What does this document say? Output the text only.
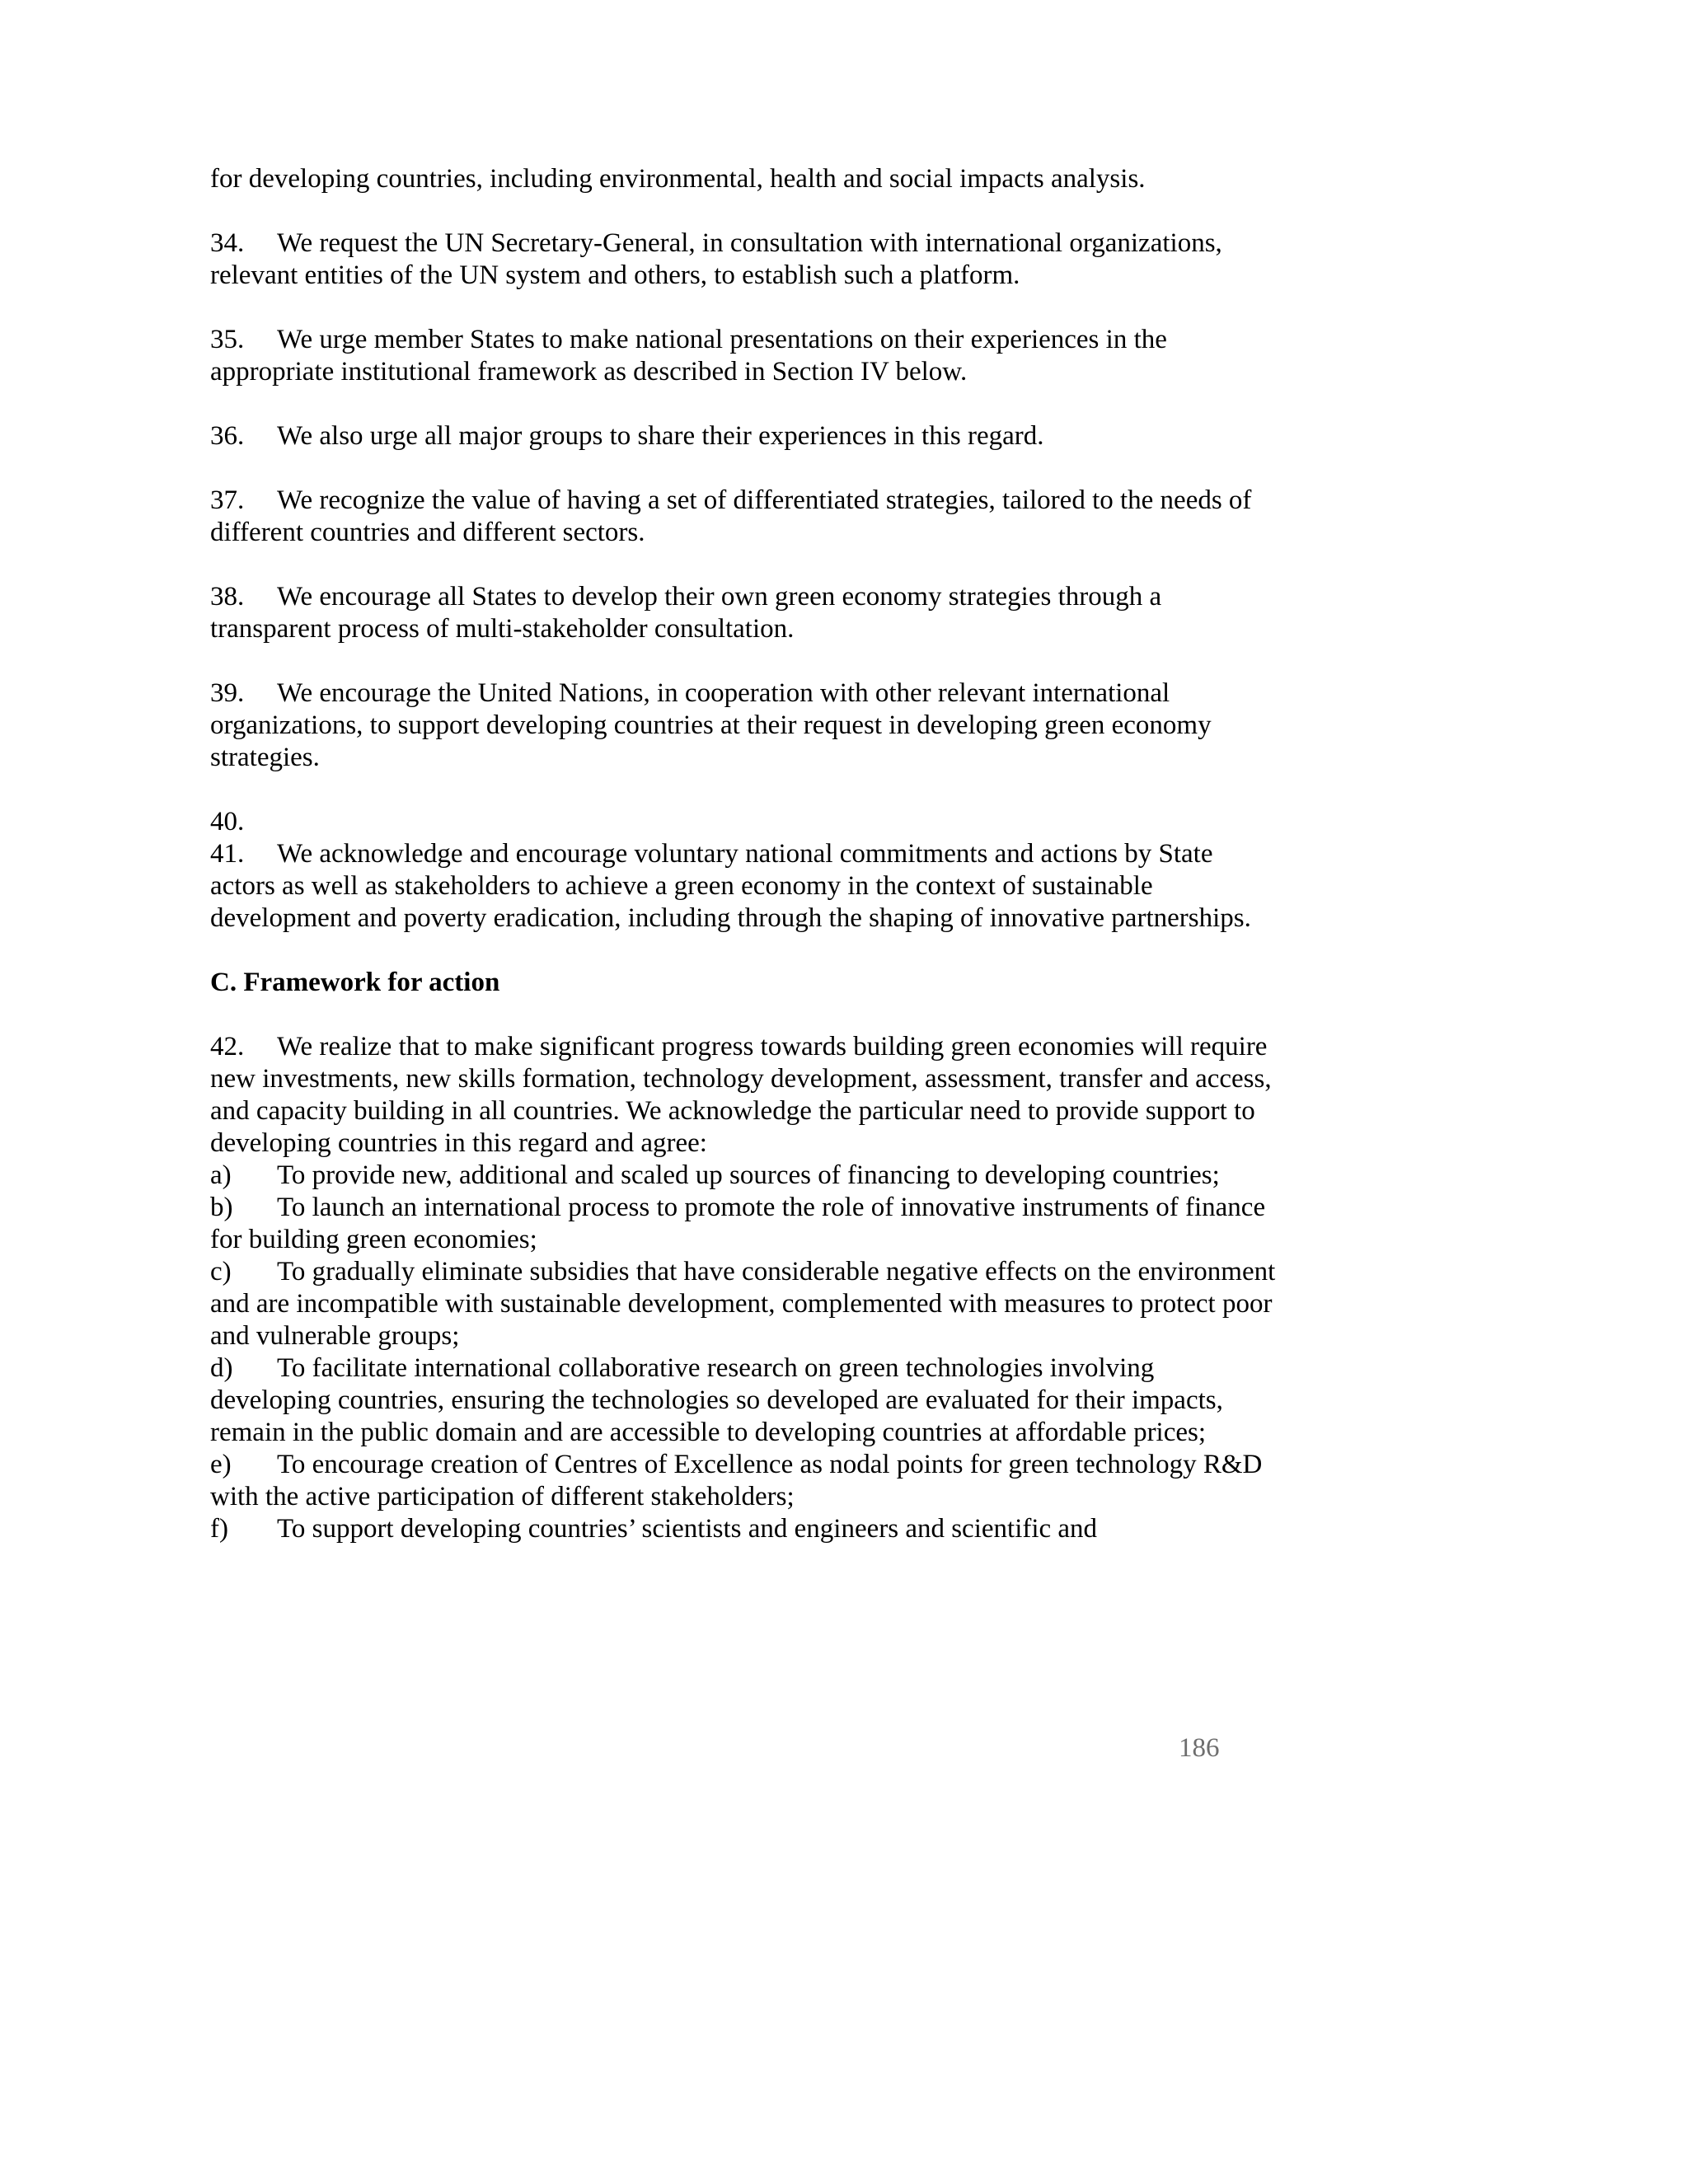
for developing countries, including environmental, health and social impacts analysis.

34. We request the UN Secretary-General, in consultation with international organizations, relevant entities of the UN system and others, to establish such a platform.

35. We urge member States to make national presentations on their experiences in the appropriate institutional framework as described in Section IV below.

36. We also urge all major groups to share their experiences in this regard.

37. We recognize the value of having a set of differentiated strategies, tailored to the needs of different countries and different sectors.

38. We encourage all States to develop their own green economy strategies through a transparent process of multi-stakeholder consultation.

39. We encourage the United Nations, in cooperation with other relevant international organizations, to support developing countries at their request in developing green economy strategies.

40.

41. We acknowledge and encourage voluntary national commitments and actions by State actors as well as stakeholders to achieve a green economy in the context of sustainable development and poverty eradication, including through the shaping of innovative partnerships.

C. Framework for action

42. We realize that to make significant progress towards building green economies will require new investments, new skills formation, technology development, assessment, transfer and access, and capacity building in all countries. We acknowledge the particular need to provide support to developing countries in this regard and agree:

a) To provide new, additional and scaled up sources of financing to developing countries;

b) To launch an international process to promote the role of innovative instruments of finance for building green economies;

c) To gradually eliminate subsidies that have considerable negative effects on the environment and are incompatible with sustainable development, complemented with measures to protect poor and vulnerable groups;

d) To facilitate international collaborative research on green technologies involving developing countries, ensuring the technologies so developed are evaluated for their impacts, remain in the public domain and are accessible to developing countries at affordable prices;

e) To encourage creation of Centres of Excellence as nodal points for green technology R&D with the active participation of different stakeholders;

f) To support developing countries’ scientists and engineers and scientific and

186
